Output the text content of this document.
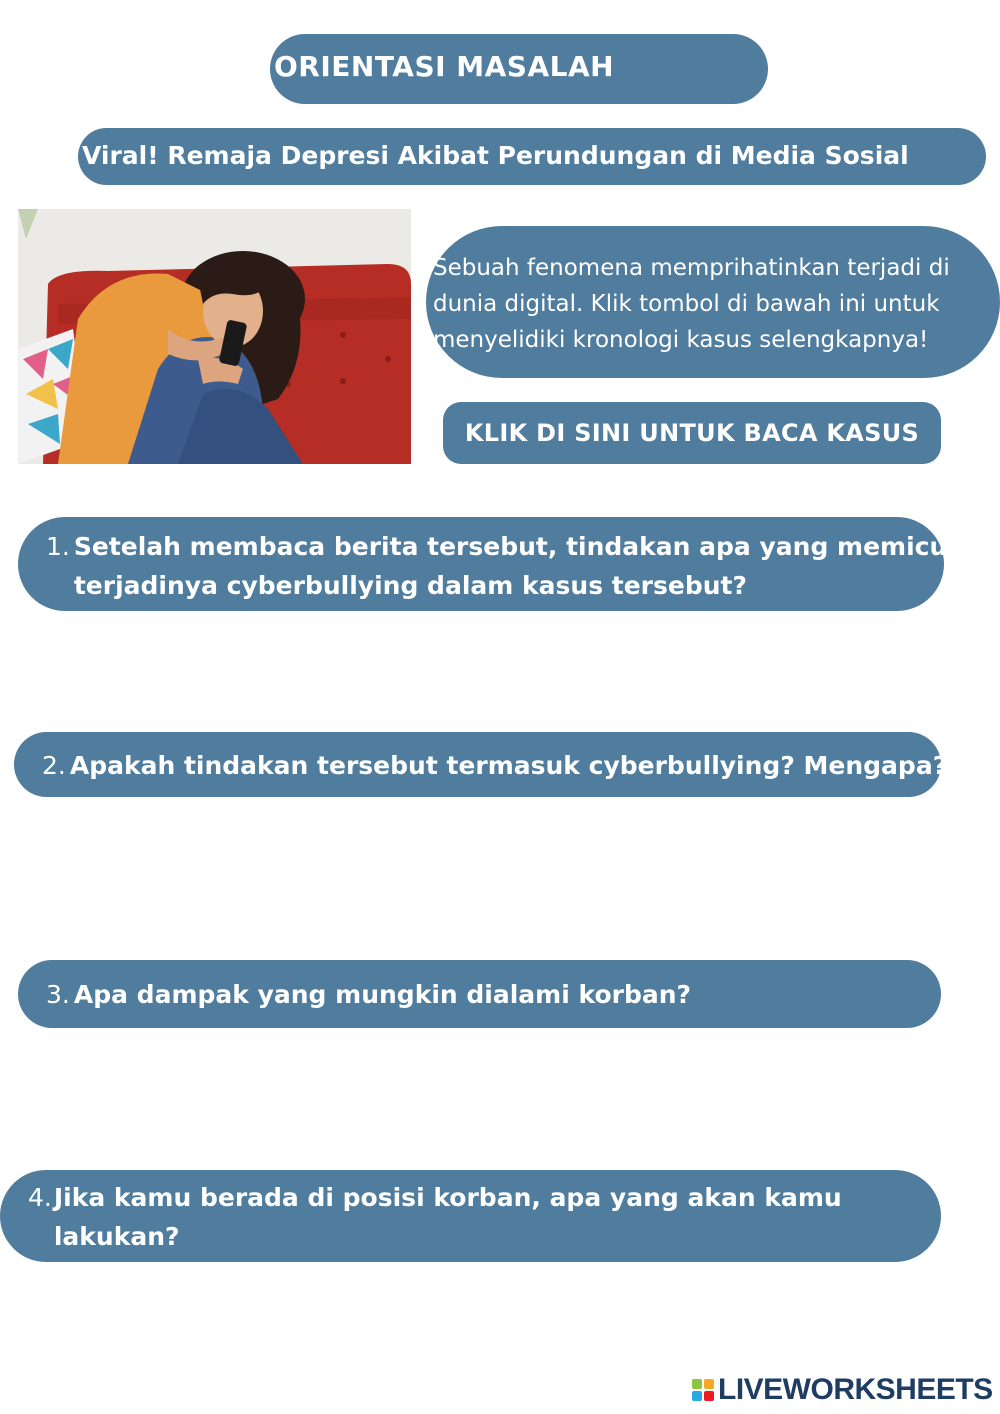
ORIENTASI MASALAH
Viral! Remaja Depresi Akibat Perundungan di Media Sosial
Sebuah fenomena memprihatinkan terjadi di dunia digital. Klik tombol di bawah ini untuk menyelidiki kronologi kasus selengkapnya!
KLIK DI SINI UNTUK BACA KASUS
1. Setelah membaca berita tersebut, tindakan apa yang memicu
terjadinya cyberbullying dalam kasus tersebut?
2. Apakah tindakan tersebut termasuk cyberbullying? Mengapa?
3. Apa dampak yang mungkin dialami korban?
4. Jika kamu berada di posisi korban, apa yang akan kamu
lakukan?
LIVEWORKSHEETS
